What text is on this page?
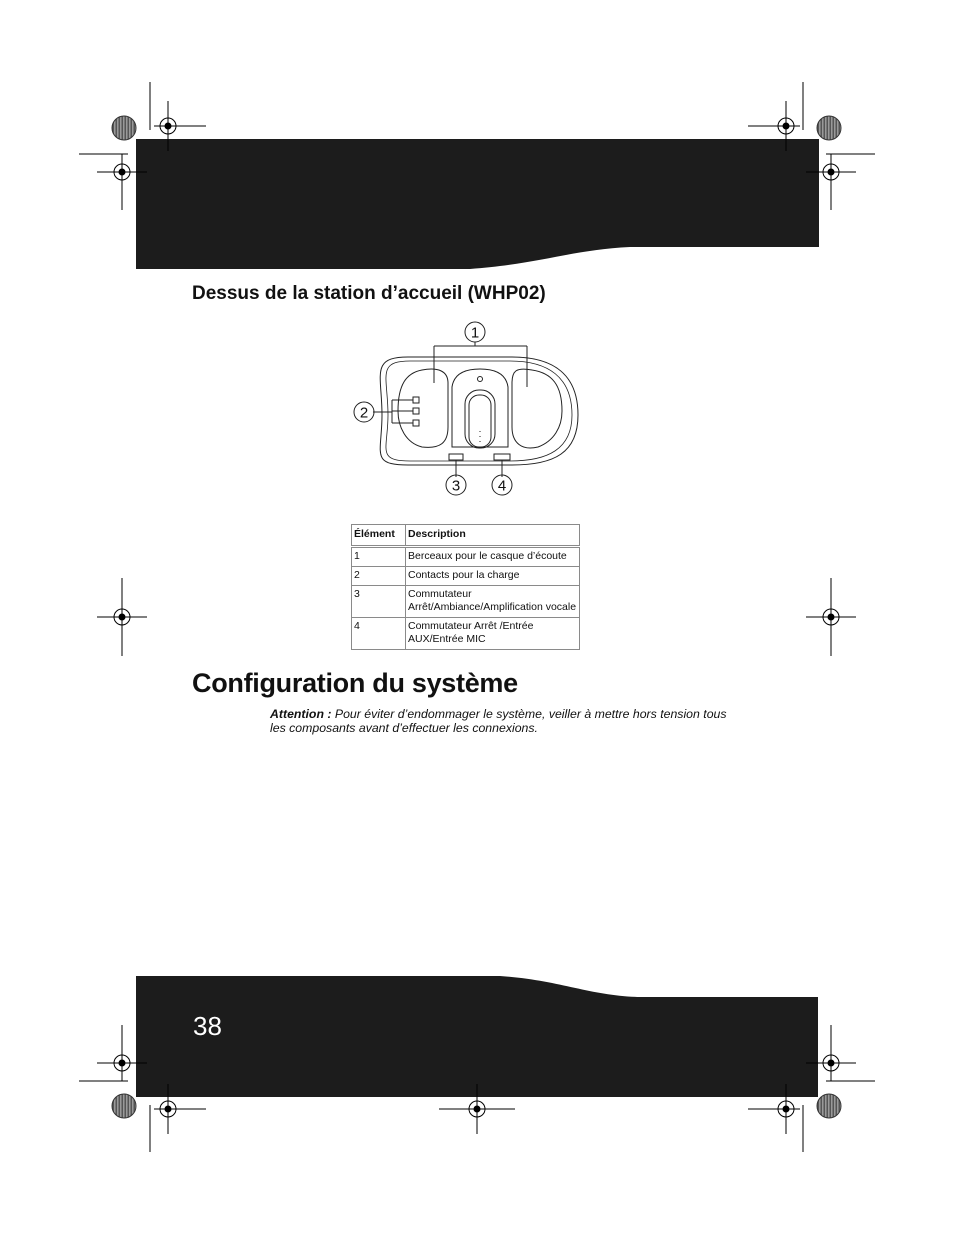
Dessus de la station d’accueil (WHP02)
1
2
3	4
Élément	Description
1	Berceaux pour le casque d’écoute
2	Contacts pour la charge
3	Commutateur Arrêt/Ambiance/Amplification vocale
4	Commutateur Arrêt /Entrée AUX/Entrée MIC
Configuration du système
Attention : Pour éviter d’endommager le système, veiller à mettre hors tension tous les composants avant d’effectuer les connexions.
38
